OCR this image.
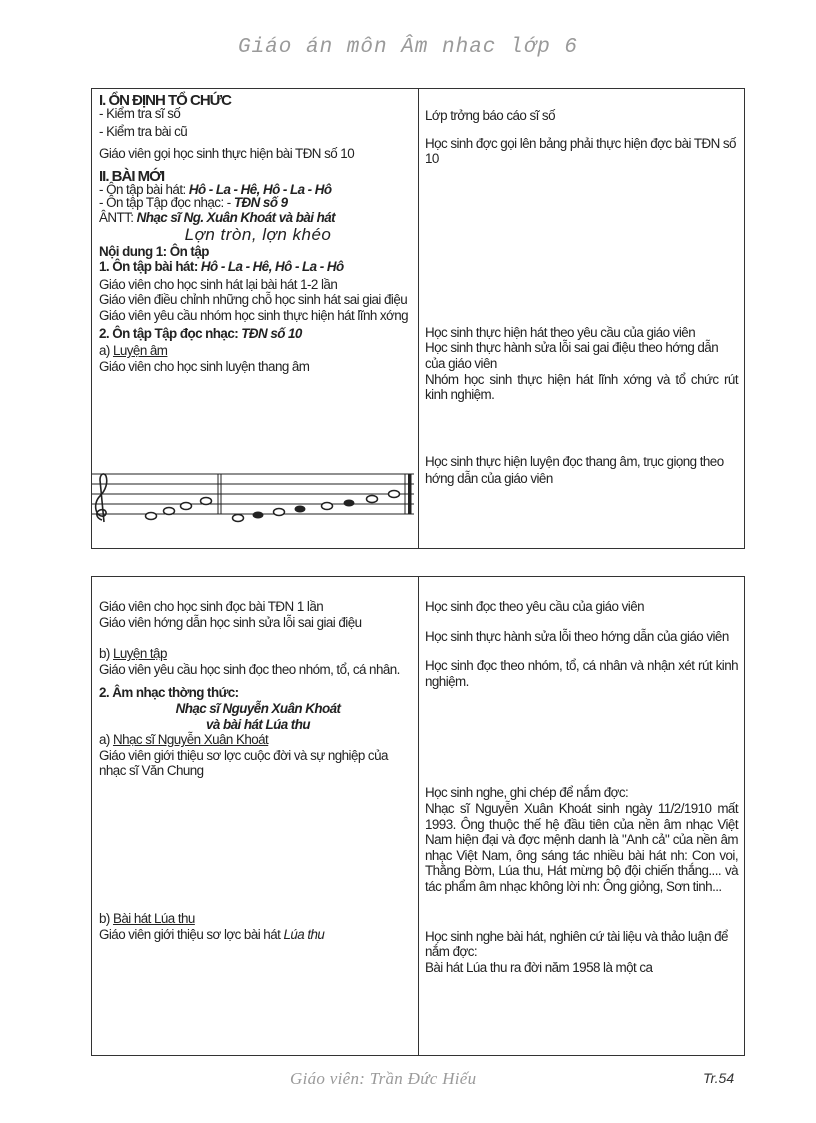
Giáo án môn Âm nhac lớp 6

I. ỔN ĐỊNH TỔ CHỨC

- Kiểm tra sĩ số

- Kiểm tra bài cũ

Giáo viên gọi học sinh thực hiện bài TĐN số 10

II. BÀI MỚI

- Ôn tập bài hát: Hô - La - Hê, Hô - La - Hô

- Ôn tập Tập đọc nhạc: - TĐN số 9

ÂNTT: Nhạc sĩ Ng. Xuân Khoát và bài hát

Lợn tròn, lợn khéo

Nội dung 1: Ôn tập

1. Ôn tập bài hát: Hô - La - Hê, Hô - La - Hô

Giáo viên cho học sinh hát lại bài hát 1-2 lần

Giáo viên điều chỉnh những chỗ học sinh hát sai giai điệu

Giáo viên yêu cầu nhóm học sinh thực hiện hát lĩnh xớng

2. Ôn tập Tập đọc nhạc: TĐN số 10

a) Luyện âm

Giáo viên cho học sinh luyện thang âm

Lớp trởng báo cáo sĩ số

Học sinh đợc gọi lên bảng phải thực hiện đợc bài TĐN số 10

Học sinh thực hiện hát theo yêu cầu của giáo viên

Học sinh thực hành sửa lỗi sai gai điệu theo hớng dẫn của giáo viên

Nhóm học sinh thực hiện hát lĩnh xớng và tổ chức rút kinh nghiệm.

Học sinh thực hiện luyện đọc thang âm, trục giọng theo hớng dẫn của giáo viên

Giáo viên cho học sinh đọc bài TĐN 1 lần

Giáo viên hớng dẫn học sinh sửa lỗi sai giai điệu

b) Luyện tập

Giáo viên yêu cầu học sinh đọc theo nhóm, tổ, cá nhân.

2. Âm nhạc thờng thức:

Nhạc sĩ Nguyễn Xuân Khoát

và bài hát Lúa thu

a) Nhạc sĩ Nguyễn Xuân Khoát

Giáo viên giới thiệu sơ lợc cuộc đời và sự nghiệp của nhạc sĩ Văn Chung

b) Bài hát Lúa thu

Giáo viên giới thiệu sơ lợc bài hát Lúa thu

Học sinh đọc theo yêu cầu của giáo viên

Học sinh thực hành sửa lỗi theo hớng dẫn của giáo viên

Học sinh đọc theo nhóm, tổ, cá nhân và nhận xét rút kinh nghiệm.

Học sinh nghe, ghi chép để nắm đợc:

Nhạc sĩ Nguyễn Xuân Khoát sinh ngày 11/2/1910 mất 1993. Ông thuộc thế hệ đầu tiên của nền âm nhạc Việt Nam hiện đại và đợc mệnh danh là "Anh cả" của nền âm nhạc Việt Nam, ông sáng tác nhiều bài hát nh: Con voi, Thằng Bờm, Lúa thu, Hát mừng bộ đội chiến thắng.... và tác phẩm âm nhạc không lời nh: Ông giỏng, Sơn tinh...

Học sinh nghe bài hát, nghiên cứ tài liệu và thảo luận để nắm đợc:

Bài hát Lúa thu ra đời năm 1958 là một ca

Giáo viên: Trần Đức Hiếu	Tr.54
